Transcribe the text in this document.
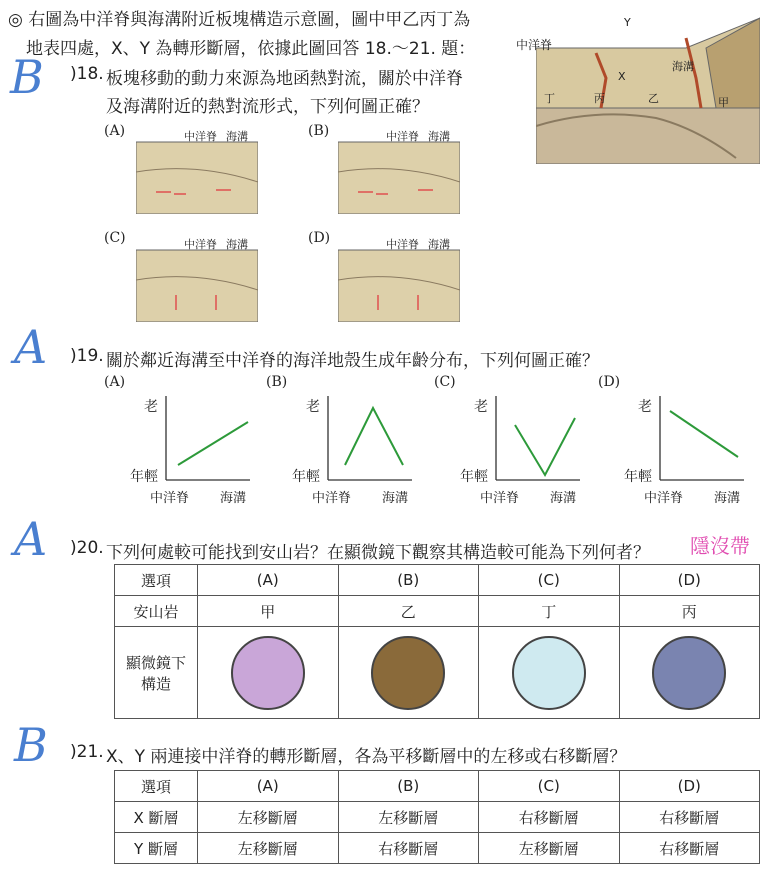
◎ 右圖為中洋脊與海溝附近板塊構造示意圖，圖中甲乙丙丁為
地表四處，X、Y 為轉形斷層，依據此圖回答 18.～21. 題：	中洋脊
Y
X
海溝
丁	丙	乙	甲
B )18. 板塊移動的動力來源為地函熱對流，關於中洋脊
及海溝附近的熱對流形式，下列何圖正確？
(A)	(B)
(C)	(D)
中洋脊 海溝	中洋脊 海溝
中洋脊 海溝	中洋脊 海溝
A )19. 關於鄰近海溝至中洋脊的海洋地殼生成年齡分布，下列何圖正確？
(A)
老
年輕
中洋脊 海溝
(B)
老
年輕
中洋脊 海溝
(C)
老
年輕
中洋脊 海溝
(D)
老
年輕
中洋脊 海溝
A )20. 下列何處較可能找到安山岩？在顯微鏡下觀察其構造較可能為下列何者？ 隱沒帶
選項	(A)	(B)	(C)	(D)
安山岩	甲	乙	丁	丙

顯微鏡下
構造				

B )21. X、Y 兩連接中洋脊的轉形斷層，各為平移斷層中的左移或右移斷層？
選項	(A)	(B)	(C)	(D)
X 斷層	左移斷層	左移斷層	右移斷層	右移斷層
Y 斷層	左移斷層	右移斷層	左移斷層	右移斷層
